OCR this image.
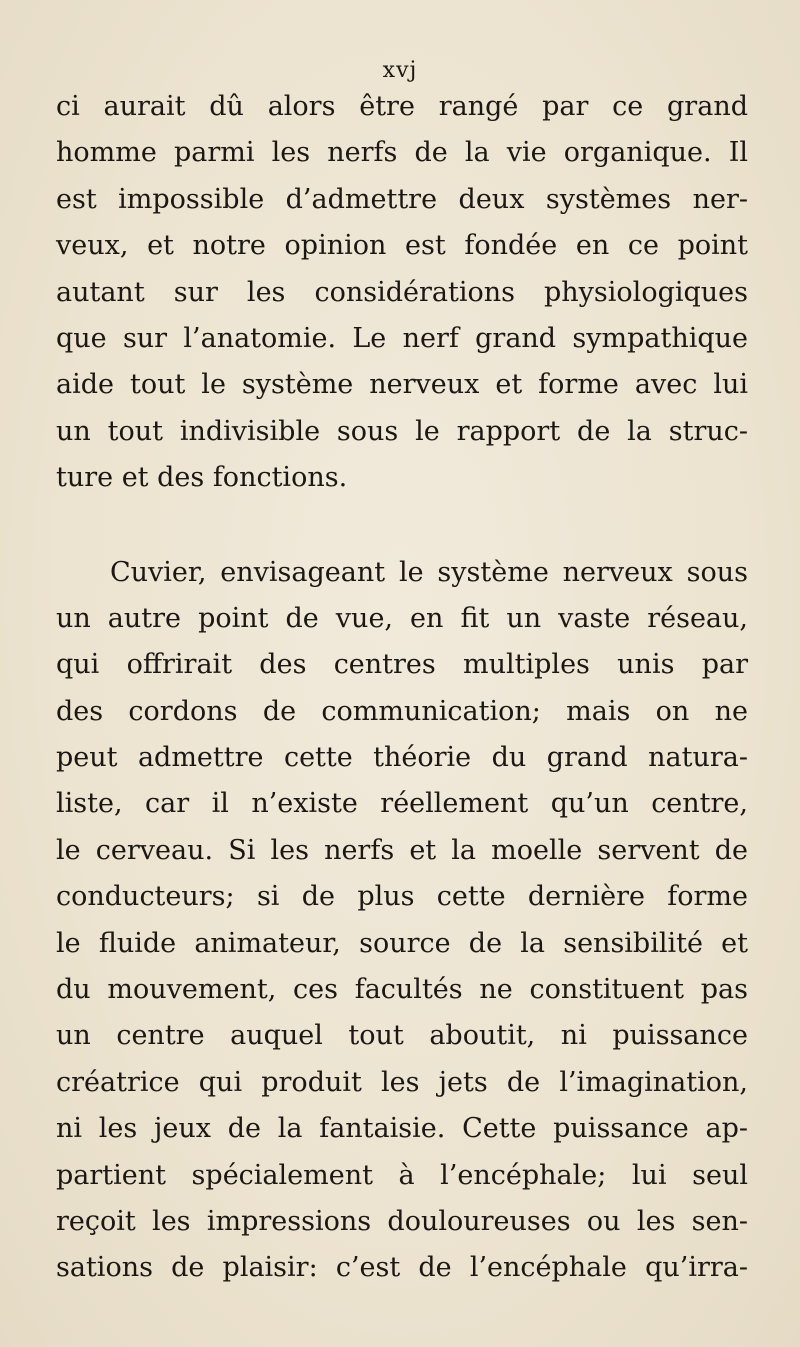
xvj
ci aurait dû alors être rangé par ce grand
homme parmi les nerfs de la vie organique. Il
est impossible d’admettre deux systèmes ner-
veux, et notre opinion est fondée en ce point
autant sur les considérations physiologiques
que sur l’anatomie. Le nerf grand sympathique
aide tout le système nerveux et forme avec lui
un tout indivisible sous le rapport de la struc-
ture et des fonctions.
Cuvier, envisageant le système nerveux sous
un autre point de vue, en fit un vaste réseau,
qui offrirait des centres multiples unis par
des cordons de communication; mais on ne
peut admettre cette théorie du grand natura-
liste, car il n’existe réellement qu’un centre,
le cerveau. Si les nerfs et la moelle servent de
conducteurs; si de plus cette dernière forme
le fluide animateur, source de la sensibilité et
du mouvement, ces facultés ne constituent pas
un centre auquel tout aboutit, ni puissance
créatrice qui produit les jets de l’imagination,
ni les jeux de la fantaisie. Cette puissance ap-
partient spécialement à l’encéphale; lui seul
reçoit les impressions douloureuses ou les sen-
sations de plaisir: c’est de l’encéphale qu’irra-
